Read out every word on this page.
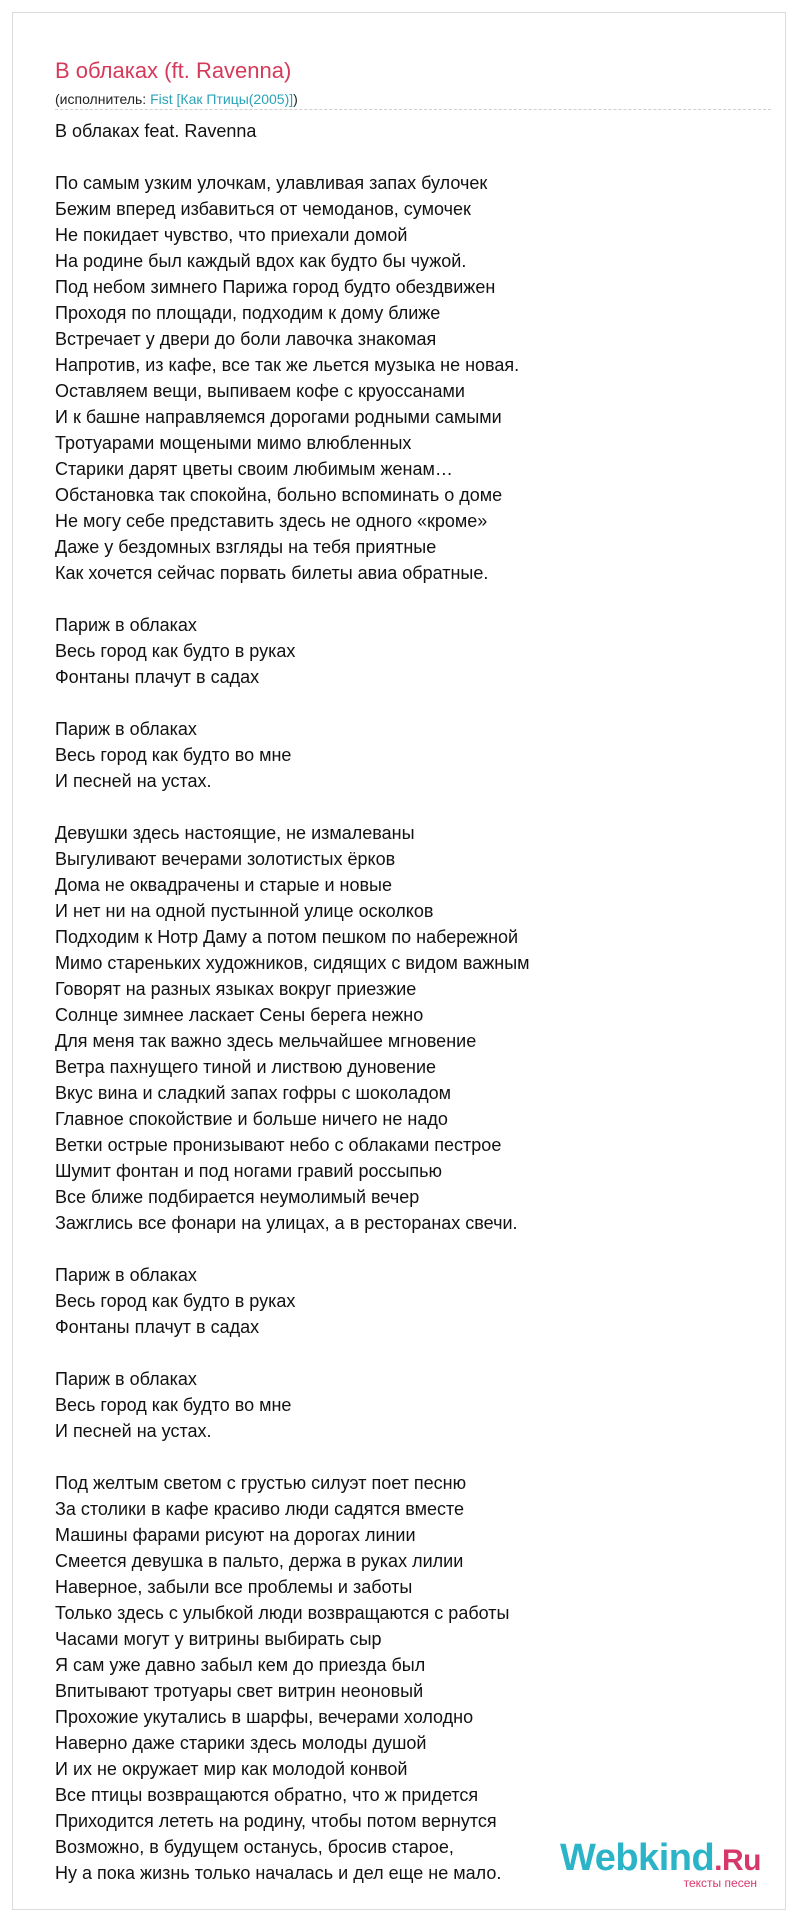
В облаках (ft. Ravenna)
(исполнитель: Fist [Как Птицы(2005)])
В облаках feat. Ravenna
По самым узким улочкам, улавливая запах булочек
Бежим вперед избавиться от чемоданов, сумочек
Не покидает чувство, что приехали домой
На родине был каждый вдох как будто бы чужой.
Под небом зимнего Парижа город будто обездвижен
Проходя по площади, подходим к дому ближе
Встречает у двери до боли лавочка знакомая
Напротив, из кафе, все так же льется музыка не новая.
Оставляем вещи, выпиваем кофе с круоссанами
И к башне направляемся дорогами родными самыми
Тротуарами мощеными мимо влюбленных
Старики дарят цветы своим любимым женам…
Обстановка так спокойна, больно вспоминать о доме
Не могу себе представить здесь не одного «кроме»
Даже у бездомных взгляды на тебя приятные
Как хочется сейчас порвать билеты авиа обратные.
Париж в облаках
Весь город как будто в руках
Фонтаны плачут в садах
Париж в облаках
Весь город как будто во мне
И песней на устах.
Девушки здесь настоящие, не измалеваны
Выгуливают вечерами золотистых ёрков
Дома не оквадрачены и старые и новые
И нет ни на одной пустынной улице осколков
Подходим к Нотр Даму а потом пешком по набережной
Мимо стареньких художников, сидящих с видом важным
Говорят на разных языках вокруг приезжие
Солнце зимнее ласкает Сены берега нежно
Для меня так важно здесь мельчайшее мгновение
Ветра пахнущего тиной и листвою дуновение
Вкус вина и сладкий запах гофры с шоколадом
Главное спокойствие и больше ничего не надо
Ветки острые пронизывают небо с облаками пестрое
Шумит фонтан и под ногами гравий россыпью
Все ближе подбирается неумолимый вечер
Зажглись все фонари на улицах, а в ресторанах свечи.
Париж в облаках
Весь город как будто в руках
Фонтаны плачут в садах
Париж в облаках
Весь город как будто во мне
И песней на устах.
Под желтым светом с грустью силуэт поет песню
За столики в кафе красиво люди садятся вместе
Машины фарами рисуют на дорогах линии
Смеется девушка в пальто, держа в руках лилии
Наверное, забыли все проблемы и заботы
Только здесь с улыбкой люди возвращаются с работы
Часами могут у витрины выбирать сыр
Я сам уже давно забыл кем до приезда был
Впитывают тротуары свет витрин неоновый
Прохожие укутались в шарфы, вечерами холодно
Наверно даже старики здесь молоды душой
И их не окружает мир как молодой конвой
Все птицы возвращаются обратно, что ж придется
Приходится лететь на родину, чтобы потом вернутся
Возможно, в будущем останусь, бросив старое,
Ну а пока жизнь только началась и дел еще не мало.	Webkind.Ru
тексты песен
